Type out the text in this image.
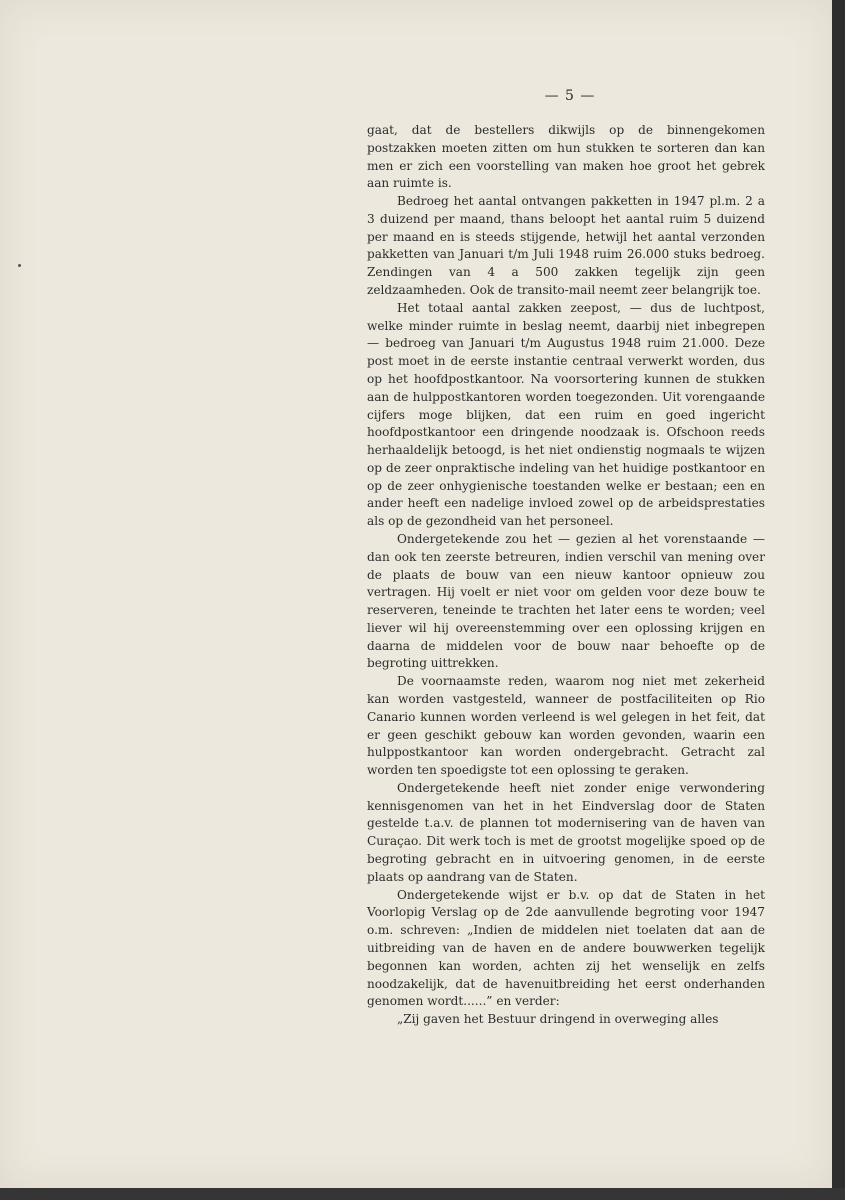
— 5 —

gaat, dat de bestellers dikwijls op de binnengekomen postzakken moeten zitten om hun stukken te sorteren dan kan men er zich een voorstelling van maken hoe groot het gebrek aan ruimte is.

Bedroeg het aantal ontvangen pakketten in 1947 pl.m. 2 a 3 duizend per maand, thans beloopt het aantal ruim 5 duizend per maand en is steeds stijgende, hetwijl het aantal verzonden pakketten van Januari t/m Juli 1948 ruim 26.000 stuks bedroeg. Zendingen van 4 a 500 zakken tegelijk zijn geen zeldzaamheden. Ook de transito-mail neemt zeer belangrijk toe.

Het totaal aantal zakken zeepost, — dus de luchtpost, welke minder ruimte in beslag neemt, daarbij niet inbegrepen — bedroeg van Januari t/m Augustus 1948 ruim 21.000. Deze post moet in de eerste instantie centraal verwerkt worden, dus op het hoofdpostkantoor. Na voorsortering kunnen de stukken aan de hulppostkantoren worden toegezonden. Uit vorengaande cijfers moge blijken, dat een ruim en goed ingericht hoofdpostkantoor een dringende noodzaak is. Ofschoon reeds herhaaldelijk betoogd, is het niet ondienstig nogmaals te wijzen op de zeer onpraktische indeling van het huidige postkantoor en op de zeer onhygienische toestanden welke er bestaan; een en ander heeft een nadelige invloed zowel op de arbeidsprestaties als op de gezondheid van het personeel.

Ondergetekende zou het — gezien al het vorenstaande — dan ook ten zeerste betreuren, indien verschil van mening over de plaats de bouw van een nieuw kantoor opnieuw zou vertragen. Hij voelt er niet voor om gelden voor deze bouw te reserveren, teneinde te trachten het later eens te worden; veel liever wil hij overeenstemming over een oplossing krijgen en daarna de middelen voor de bouw naar behoefte op de begroting uittrekken.

De voornaamste reden, waarom nog niet met zekerheid kan worden vastgesteld, wanneer de postfaciliteiten op Rio Canario kunnen worden verleend is wel gelegen in het feit, dat er geen geschikt gebouw kan worden gevonden, waarin een hulppostkantoor kan worden ondergebracht. Getracht zal worden ten spoedigste tot een oplossing te geraken.

Ondergetekende heeft niet zonder enige verwondering kennisgenomen van het in het Eindverslag door de Staten gestelde t.a.v. de plannen tot modernisering van de haven van Curaçao. Dit werk toch is met de grootst mogelijke spoed op de begroting gebracht en in uitvoering genomen, in de eerste plaats op aandrang van de Staten.

Ondergetekende wijst er b.v. op dat de Staten in het Voorlopig Verslag op de 2de aanvullende begroting voor 1947 o.m. schreven: „Indien de middelen niet toelaten dat aan de uitbreiding van de haven en de andere bouwwerken tegelijk begonnen kan worden, achten zij het wenselijk en zelfs noodzakelijk, dat de havenuitbreiding het eerst onderhanden genomen wordt......” en verder:

„Zij gaven het Bestuur dringend in overweging alles
